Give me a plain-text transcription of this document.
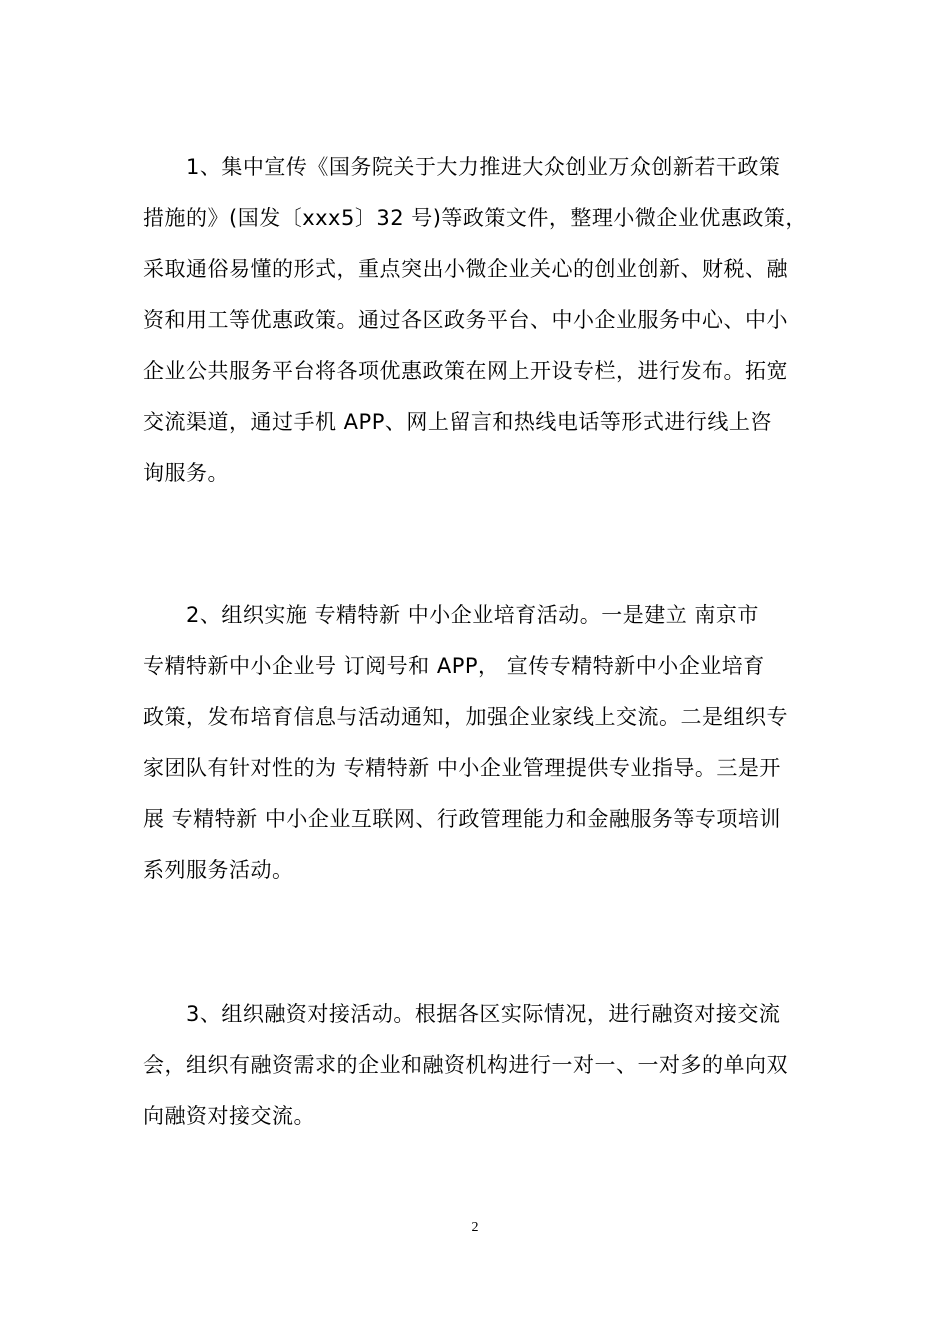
　　1、集中宣传《国务院关于大力推进大众创业万众创新若干政策
措施的》(国发〔xxx5〕32 号)等政策文件，整理小微企业优惠政策，
采取通俗易懂的形式，重点突出小微企业关心的创业创新、财税、融
资和用工等优惠政策。通过各区政务平台、中小企业服务中心、中小
企业公共服务平台将各项优惠政策在网上开设专栏，进行发布。拓宽
交流渠道，通过手机 APP、网上留言和热线电话等形式进行线上咨
询服务。
　　2、组织实施 专精特新 中小企业培育活动。一是建立 南京市
专精特新中小企业号 订阅号和 APP， 宣传专精特新中小企业培育
政策，发布培育信息与活动通知，加强企业家线上交流。二是组织专
家团队有针对性的为 专精特新 中小企业管理提供专业指导。三是开
展 专精特新 中小企业互联网、行政管理能力和金融服务等专项培训
系列服务活动。
　　3、组织融资对接活动。根据各区实际情况，进行融资对接交流
会，组织有融资需求的企业和融资机构进行一对一、一对多的单向双
向融资对接交流。
2
